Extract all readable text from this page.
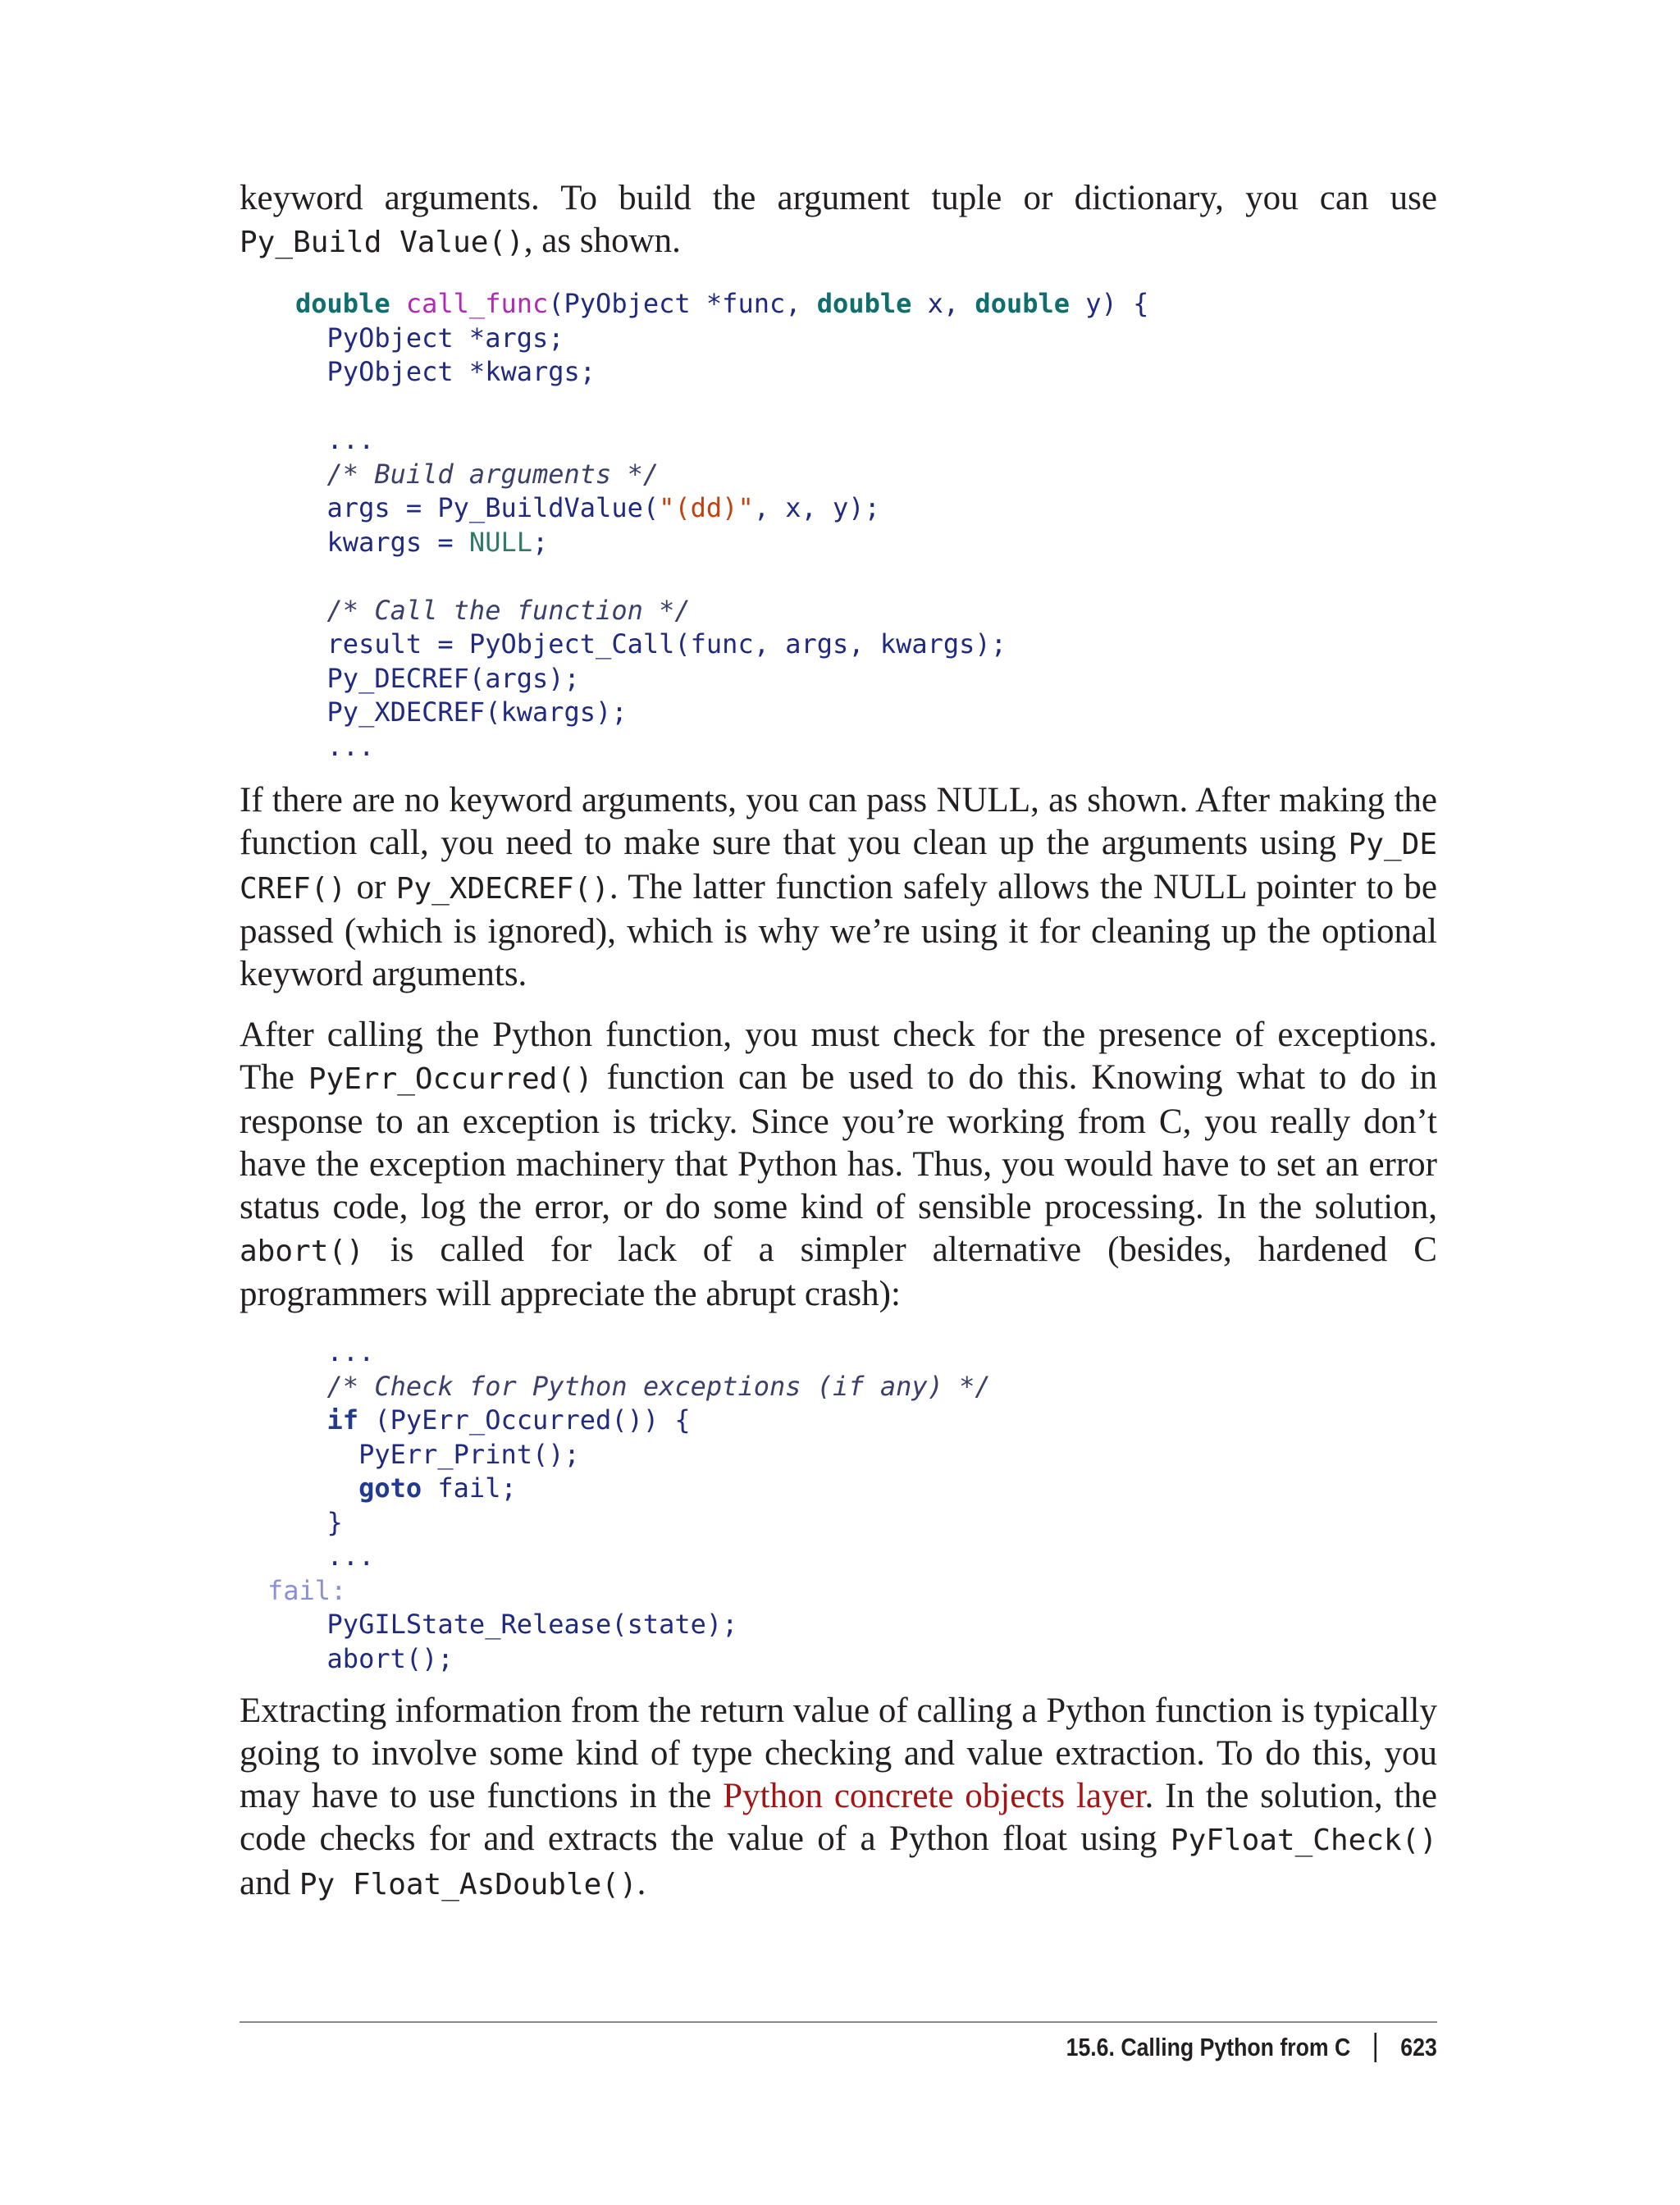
keyword arguments. To build the argument tuple or dictionary, you can use Py_Build Value(), as shown.

double call_func(PyObject *func, double x, double y) {
PyObject *args;
PyObject *kwargs;

...
/* Build arguments */
args = Py_BuildValue("(dd)", x, y);
kwargs = NULL;

/* Call the function */
result = PyObject_Call(func, args, kwargs);
Py_DECREF(args);
Py_XDECREF(kwargs);
...

If there are no keyword arguments, you can pass NULL, as shown. After making the function call, you need to make sure that you clean up the arguments using Py_DE CREF() or Py_XDECREF(). The latter function safely allows the NULL pointer to be passed (which is ignored), which is why we’re using it for cleaning up the optional keyword arguments.

After calling the Python function, you must check for the presence of exceptions. The PyErr_Occurred() function can be used to do this. Knowing what to do in response to an exception is tricky. Since you’re working from C, you really don’t have the exception machinery that Python has. Thus, you would have to set an error status code, log the error, or do some kind of sensible processing. In the solution, abort() is called for lack of a simpler alternative (besides, hardened C programmers will appreciate the abrupt crash):

...
/* Check for Python exceptions (if any) */
if (PyErr_Occurred()) {
PyErr_Print();
goto fail;
}
...
fail:
PyGILState_Release(state);
abort();

Extracting information from the return value of calling a Python function is typically going to involve some kind of type checking and value extraction. To do this, you may have to use functions in the Python concrete objects layer. In the solution, the code checks for and extracts the value of a Python float using PyFloat_Check() and Py Float_AsDouble().

15.6. Calling Python from C 623
